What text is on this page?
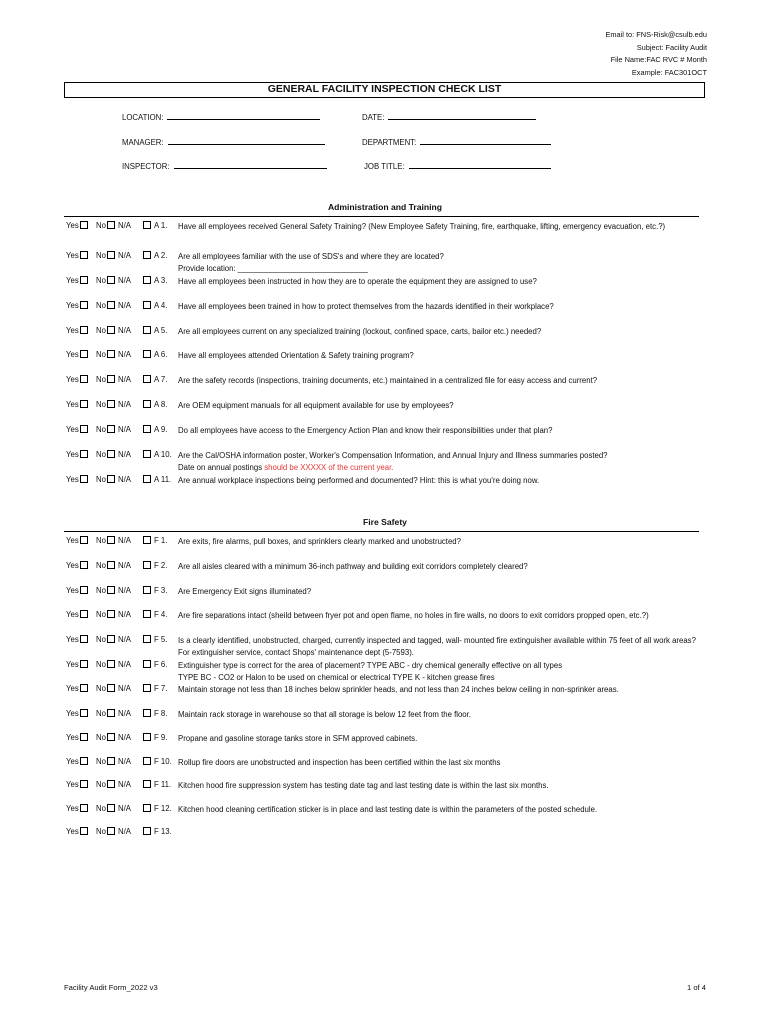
Email to: FNS-Risk@csulb.edu
Subject: Facility Audit
File Name:FAC RVC # Month
Example: FAC301OCT
GENERAL FACILITY INSPECTION CHECK LIST
LOCATION:	DATE:
MANAGER:	DEPARTMENT:
INSPECTOR:	JOB TITLE:
Administration and Training
Yes	No	N/A	A 1. Have all employees received General Safety Training? (New Employee Safety Training, fire, earthquake, lifting, emergency evacuation, etc.?)
Yes	No	N/A	A 2. Are all employees familiar with the use of SDS's and where they are located?
Provide location: ______________________________
Yes	No	N/A	A 3. Have all employees been instructed in how they are to operate the equipment they are assigned to use?
Yes	No	N/A	A 4. Have all employees been trained in how to protect themselves from the hazards identified in their workplace?
Yes	No	N/A	A 5. Are all employees current on any specialized training (lockout, confined space, carts, bailor etc.) needed?
Yes	No	N/A	A 6. Have all employees attended Orientation & Safety training program?
Yes	No	N/A	A 7. Are the safety records (inspections, training documents, etc.) maintained in a centralized file for easy access and current?
Yes	No	N/A	A 8. Are OEM equipment manuals for all equipment available for use by employees?
Yes	No	N/A	A 9. Do all employees have access to the Emergency Action Plan and know their responsibilities under that plan?
Yes	No	N/A	A 10. Are the Cal/OSHA information poster, Worker's Compensation Information, and Annual Injury and Illness summaries posted?
Date on annual postings should be XXXXX of the current year.
Yes	No	N/A	A 11. Are annual workplace inspections being performed and documented? Hint: this is what you're doing now.
Fire Safety
Yes	No	N/A	F 1. Are exits, fire alarms, pull boxes, and sprinklers clearly marked and unobstructed?
Yes	No	N/A	F 2. Are all aisles cleared with a minimum 36-inch pathway and building exit corridors completely cleared?
Yes	No	N/A	F 3. Are Emergency Exit signs illuminated?
Yes	No	N/A	F 4. Are fire separations intact (sheild between fryer pot and open flame, no holes in fire walls, no doors to exit corridors propped open, etc.?)
Yes	No	N/A	F 5. Is a clearly identified, unobstructed, charged, currently inspected and tagged, wall- mounted fire extinguisher available within 75 feet of all work areas? For extinguisher service, contact Shops' maintenance dept (5-7593).
Yes	No	N/A	F 6. Extinguisher type is correct for the area of placement? TYPE ABC - dry chemical generally effective on all types
TYPE BC - CO2 or Halon to be used on chemical or electrical TYPE K - kitchen grease fires
Yes	No	N/A	F 7. Maintain storage not less than 18 inches below sprinkler heads, and not less than 24 inches below ceiling in non-sprinker areas.
Yes	No	N/A	F 8. Maintain rack storage in warehouse so that all storage is below 12 feet from the floor.
Yes	No	N/A	F 9. Propane and gasoline storage tanks store in SFM approved cabinets.
Yes	No	N/A	F 10. Rollup fire doors are unobstructed and inspection has been certified within the last six months
Yes	No	N/A	F 11. Kitchen hood fire suppression system has testing date tag and last testing date is within the last six months.
Yes	No	N/A	F 12. Kitchen hood cleaning certification sticker is in place and last testing date is within the parameters of the posted schedule.
Yes	No	N/A	F 13.
Facility Audit Form_2022 v3	1 of 4
